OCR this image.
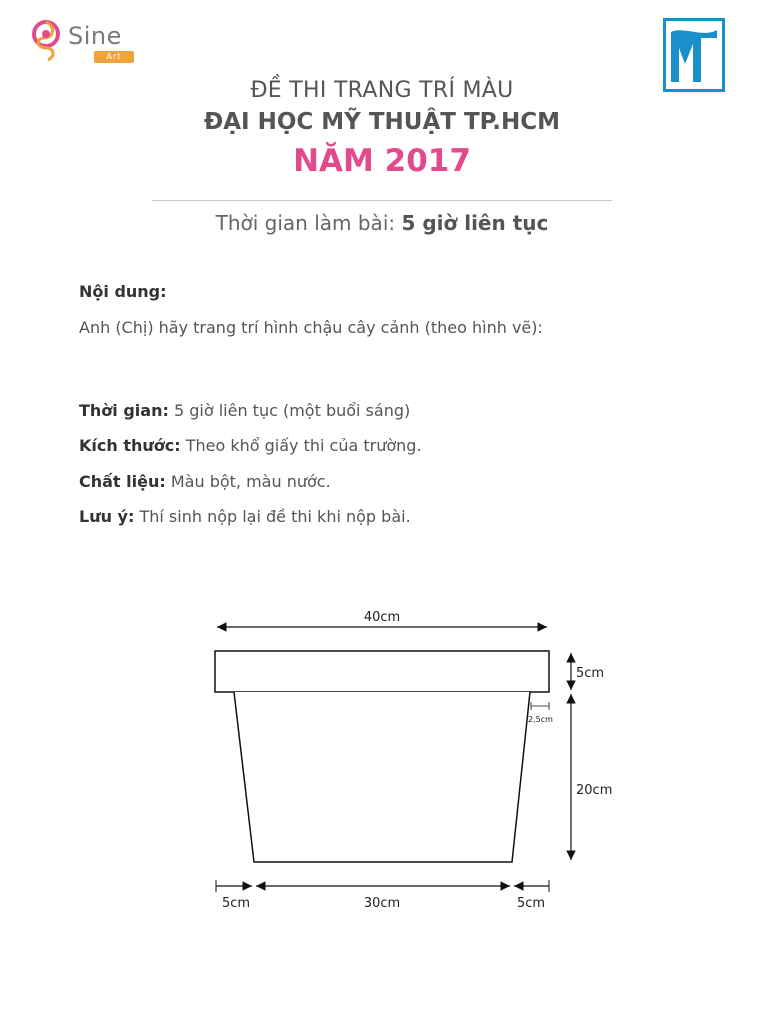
Sine
Art
ĐỀ THI TRANG TRÍ MÀU
ĐẠI HỌC MỸ THUẬT TP.HCM
NĂM 2017
Thời gian làm bài: 5 giờ liên tục
Nội dung:
Anh (Chị) hãy trang trí hình chậu cây cảnh (theo hình vẽ):
Thời gian: 5 giờ liên tục (một buổi sáng)
Kích thước: Theo khổ giấy thi của trường.
Chất liệu: Màu bột, màu nước.
Lưu ý: Thí sinh nộp lại đề thi khi nộp bài.
40cm
5cm
2,5cm
20cm
5cm	30cm	5cm
